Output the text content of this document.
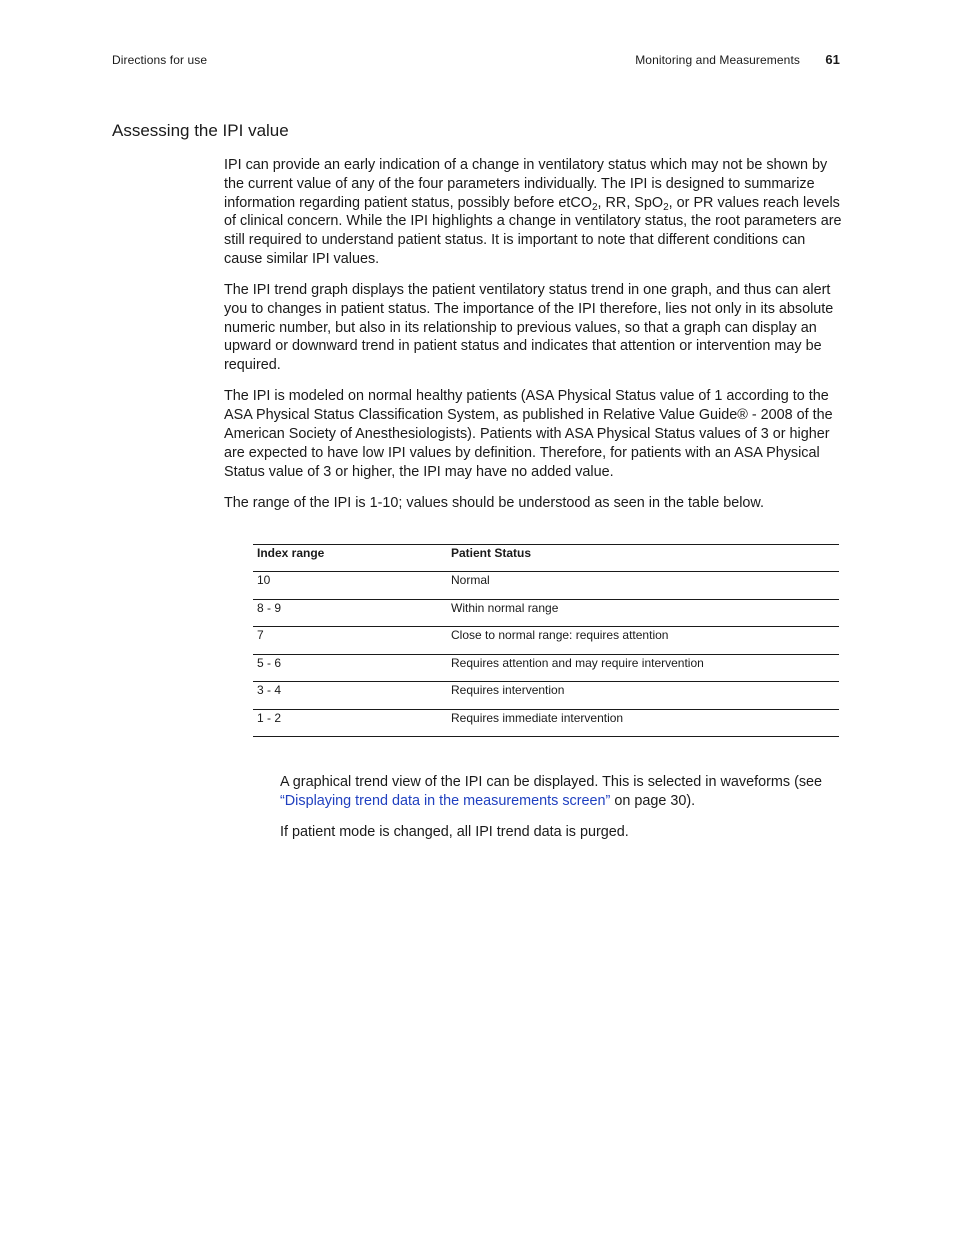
Directions for use	Monitoring and Measurements 61
Assessing the IPI value

IPI can provide an early indication of a change in ventilatory status which may not be shown by the current value of any of the four parameters individually. The IPI is designed to summarize information regarding patient status, possibly before etCO$_2$, RR, SpO$_2$, or PR values reach levels of clinical concern. While the IPI highlights a change in ventilatory status, the root parameters are still required to understand patient status. It is important to note that different conditions can cause similar IPI values.

The IPI trend graph displays the patient ventilatory status trend in one graph, and thus can alert you to changes in patient status. The importance of the IPI therefore, lies not only in its absolute numeric number, but also in its relationship to previous values, so that a graph can display an upward or downward trend in patient status and indicates that attention or intervention may be required.

The IPI is modeled on normal healthy patients (ASA Physical Status value of 1 according to the ASA Physical Status Classification System, as published in Relative Value Guide® - 2008 of the American Society of Anesthesiologists). Patients with ASA Physical Status values of 3 or higher are expected to have low IPI values by definition. Therefore, for patients with an ASA Physical Status value of 3 or higher, the IPI may have no added value.

The range of the IPI is 1-10; values should be understood as seen in the table below.

Index range	Patient Status
10	Normal
8 - 9	Within normal range
7	Close to normal range: requires attention
5 - 6	Requires attention and may require intervention
3 - 4	Requires intervention
1 - 2	Requires immediate intervention

A graphical trend view of the IPI can be displayed. This is selected in waveforms (see “Displaying trend data in the measurements screen” on page 30).

If patient mode is changed, all IPI trend data is purged.
